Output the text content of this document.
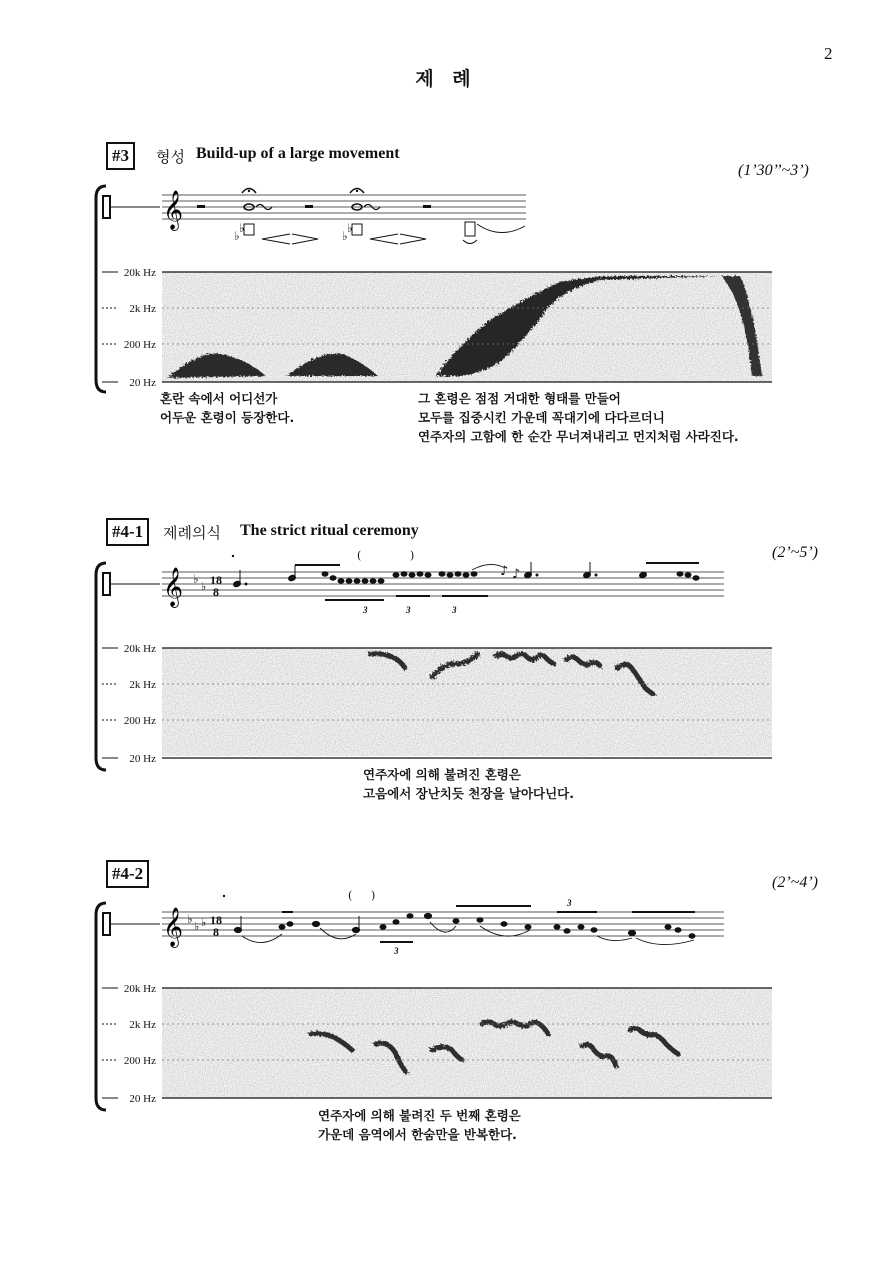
2
제 례
#3	형성 Build-up of a large movement
(1’30’’~3’)
혼란 속에서 어디선가
어두운 혼령이 등장한다.
그 혼령은 점점 거대한 형태를 만들어
모두를 집중시킨 가운데 꼭대기에 다다르더니
연주자의 고함에 한 순간 무너져내리고 먼지처럼 사라진다.
#4-1	제례의식 The strict ritual ceremony
(2’~5’)
연주자에 의해 불려진 혼령은
고음에서 장난치듯 천장을 날아다닌다.
#4-2	(2’~4’)
연주자에 의해 불려진 두 번째 혼령은
가운데 음역에서 한숨만을 반복한다.
𝄞
♭
♭
♭
♭
𝄞 ♭
♭ 18
8
3	3	3
(	)
♪ ♪
𝄞 ♭
♭ ♭ 18
8
3
3
( )
20k Hz
2k Hz
200 Hz
20 Hz
20k Hz
2k Hz
200 Hz
20 Hz
20k Hz
2k Hz
200 Hz
20 Hz
